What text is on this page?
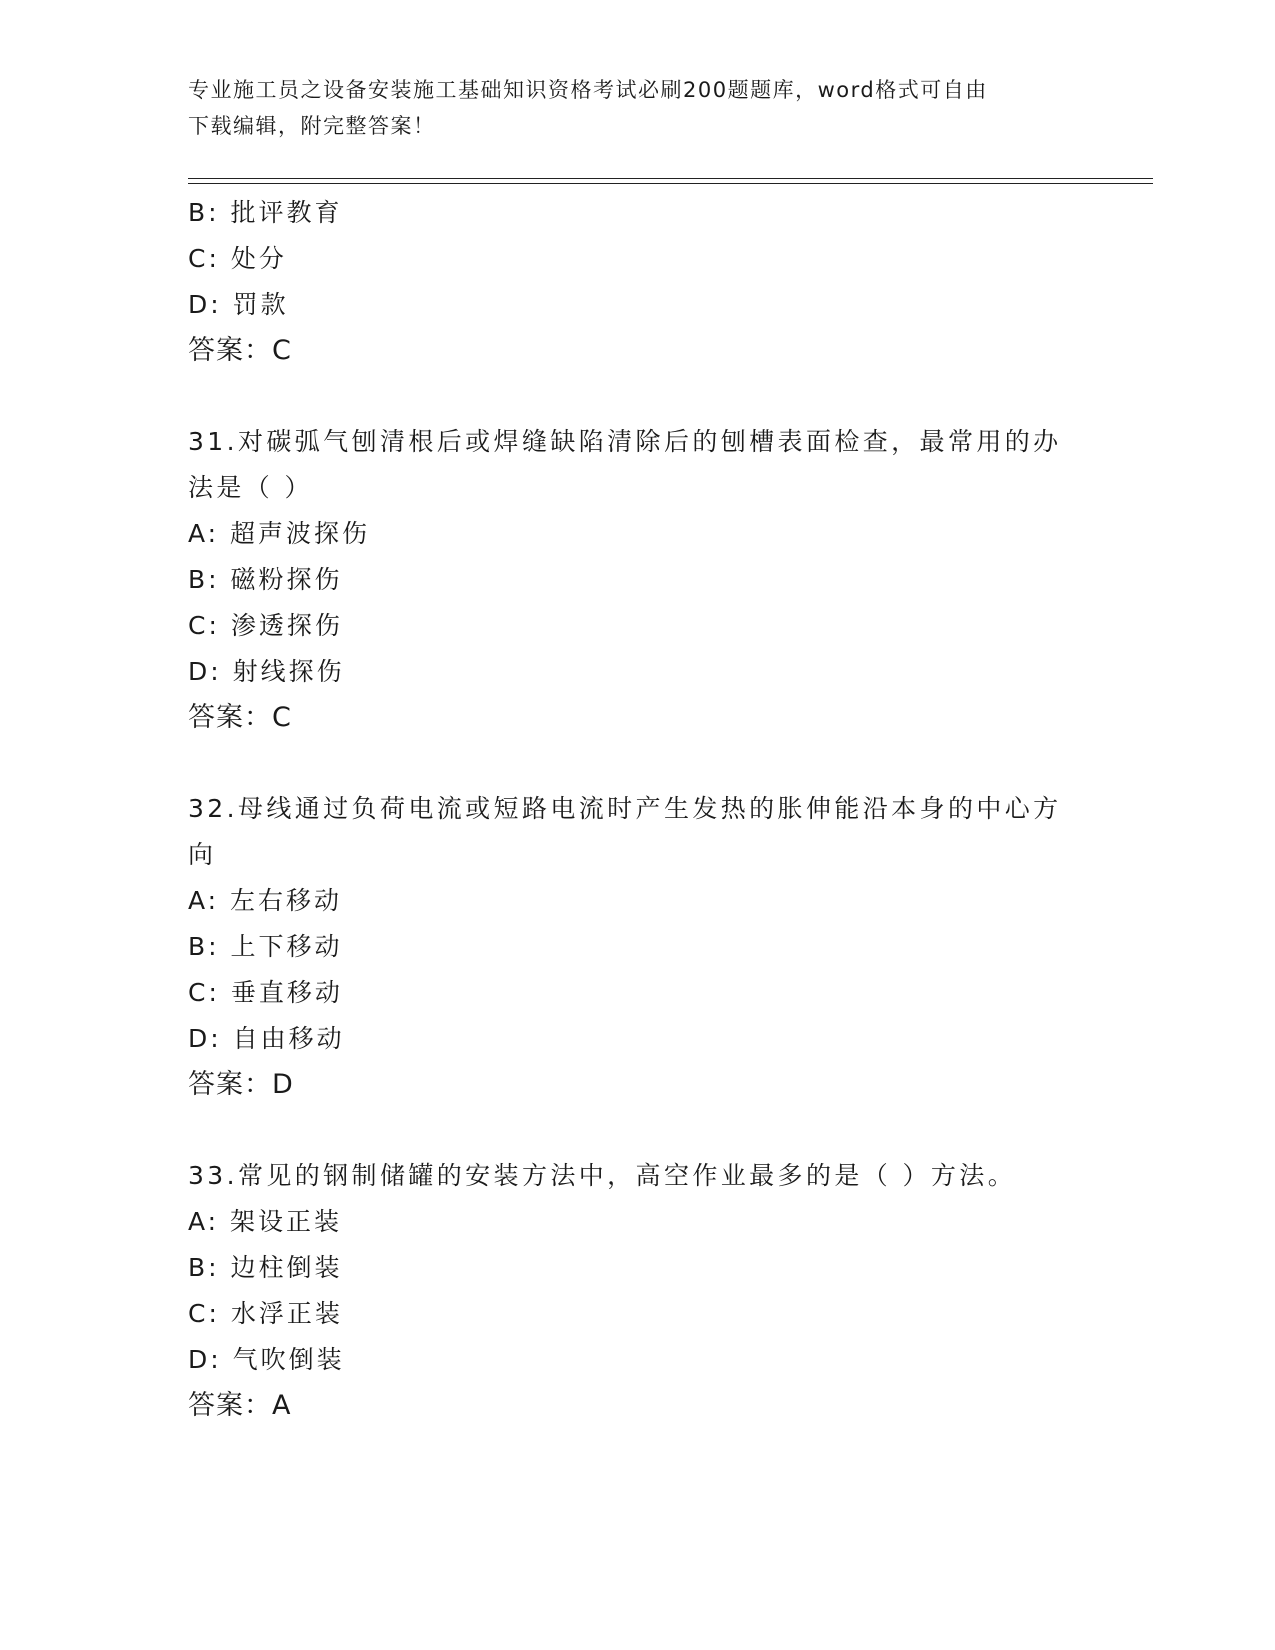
专业施工员之设备安装施工基础知识资格考试必刷200题题库，word格式可自由
下载编辑，附完整答案！
B: 批评教育
C: 处分
D: 罚款
答案：C
31.对碳弧气刨清根后或焊缝缺陷清除后的刨槽表面检查，最常用的办
法是（ ）
A: 超声波探伤
B: 磁粉探伤
C: 渗透探伤
D: 射线探伤
答案：C
32.母线通过负荷电流或短路电流时产生发热的胀伸能沿本身的中心方
向
A: 左右移动
B: 上下移动
C: 垂直移动
D: 自由移动
答案：D
33.常见的钢制储罐的安装方法中，高空作业最多的是（ ）方法。
A: 架设正装
B: 边柱倒装
C: 水浮正装
D: 气吹倒装
答案：A
